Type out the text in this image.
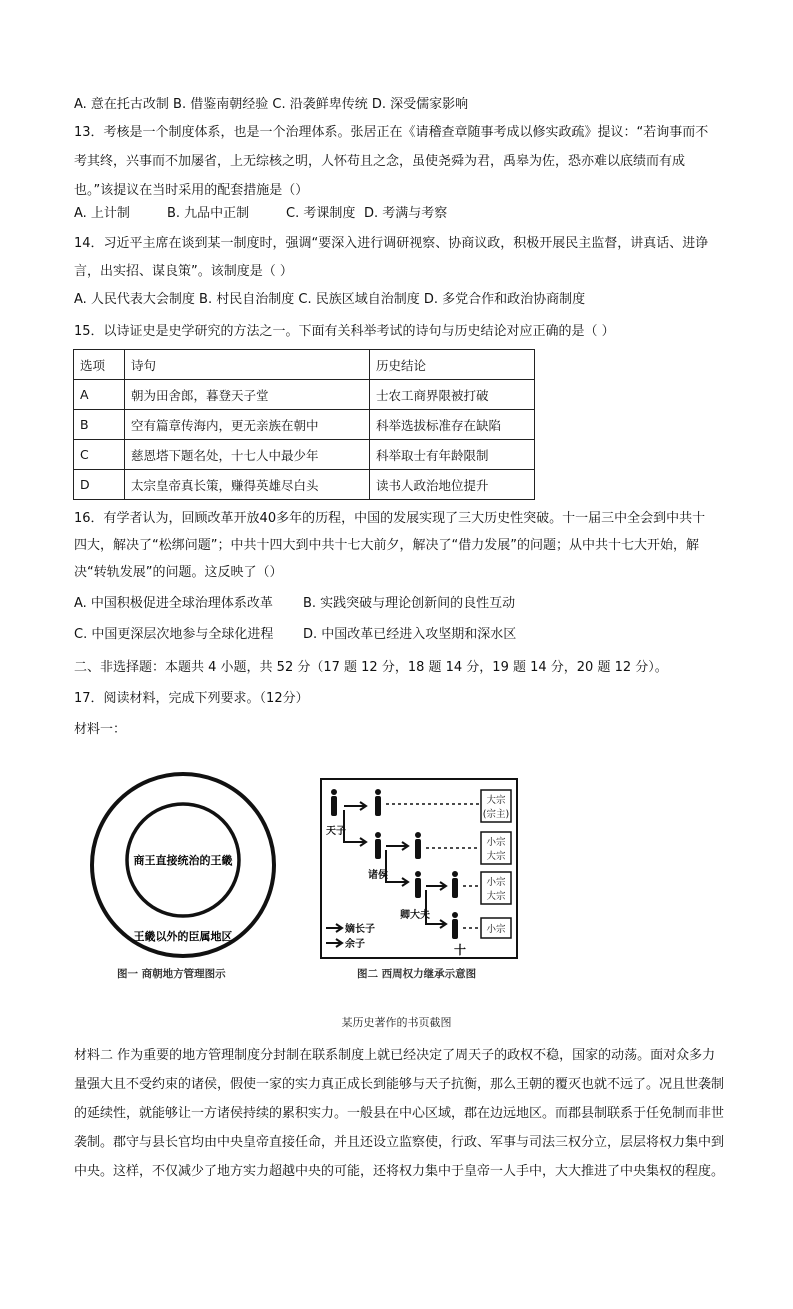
A. 意在托古改制 B. 借鉴南朝经验 C. 沿袭鲜卑传统 D. 深受儒家影响
13．考核是一个制度体系，也是一个治理体系。张居正在《请稽查章随事考成以修实政疏》提议：“若询事而不考其终，兴事而不加屡省，上无综核之明，人怀苟且之念，虽使尧舜为君，禹皋为佐，恐亦难以底绩而有成也。”该提议在当时采用的配套措施是（）
A. 上计制	B. 九品中正制	C. 考课制度 D. 考满与考察
14．习近平主席在谈到某一制度时，强调“要深入进行调研视察、协商议政，积极开展民主监督，讲真话、进诤言，出实招、谋良策”。该制度是（ ）
A. 人民代表大会制度 B. 村民自治制度 C. 民族区域自治制度 D. 多党合作和政治协商制度
15．以诗证史是史学研究的方法之一。下面有关科举考试的诗句与历史结论对应正确的是（ ）
选项	诗句	历史结论
A	朝为田舍郎，暮登天子堂	士农工商界限被打破
B	空有篇章传海内，更无亲族在朝中	科举选拔标准存在缺陷
C	慈恩塔下题名处，十七人中最少年	科举取士有年龄限制
D	太宗皇帝真长策，赚得英雄尽白头	读书人政治地位提升
16．有学者认为，回顾改革开放40多年的历程，中国的发展实现了三大历史性突破。十一届三中全会到中共十四大，解决了“松绑问题”；中共十四大到中共十七大前夕，解决了“借力发展”的问题；从中共十七大开始，解决“转轨发展”的问题。这反映了（）
A. 中国积极促进全球治理体系改革 B. 实践突破与理论创新间的良性互动
C. 中国更深层次地参与全球化进程 D. 中国改革已经进入攻坚期和深水区
二、非选择题：本题共 4 小题，共 52 分（17 题 12 分，18 题 14 分，19 题 14 分，20 题 12 分）。
17．阅读材料，完成下列要求。（12分）
材料一：
商王直接统治的王畿
王畿以外的臣属地区
图一 商朝地方管理图示
大宗
(宗主)
小宗
大宗
小宗
大宗
小宗
天子
诸侯
卿大夫
十
嫡长子
余子
图二 西周权力继承示意图
某历史著作的书页截图
材料二 作为重要的地方管理制度分封制在联系制度上就已经决定了周天子的政权不稳，国家的动荡。面对众多力量强大且不受约束的诸侯，假使一家的实力真正成长到能够与天子抗衡，那么王朝的覆灭也就不远了。况且世袭制的延续性，就能够让一方诸侯持续的累积实力。一般县在中心区域，郡在边远地区。而郡县制联系于任免制而非世袭制。郡守与县长官均由中央皇帝直接任命，并且还设立监察使，行政、军事与司法三权分立，层层将权力集中到中央。这样，不仅减少了地方实力超越中央的可能，还将权力集中于皇帝一人手中，大大推进了中央集权的程度。
